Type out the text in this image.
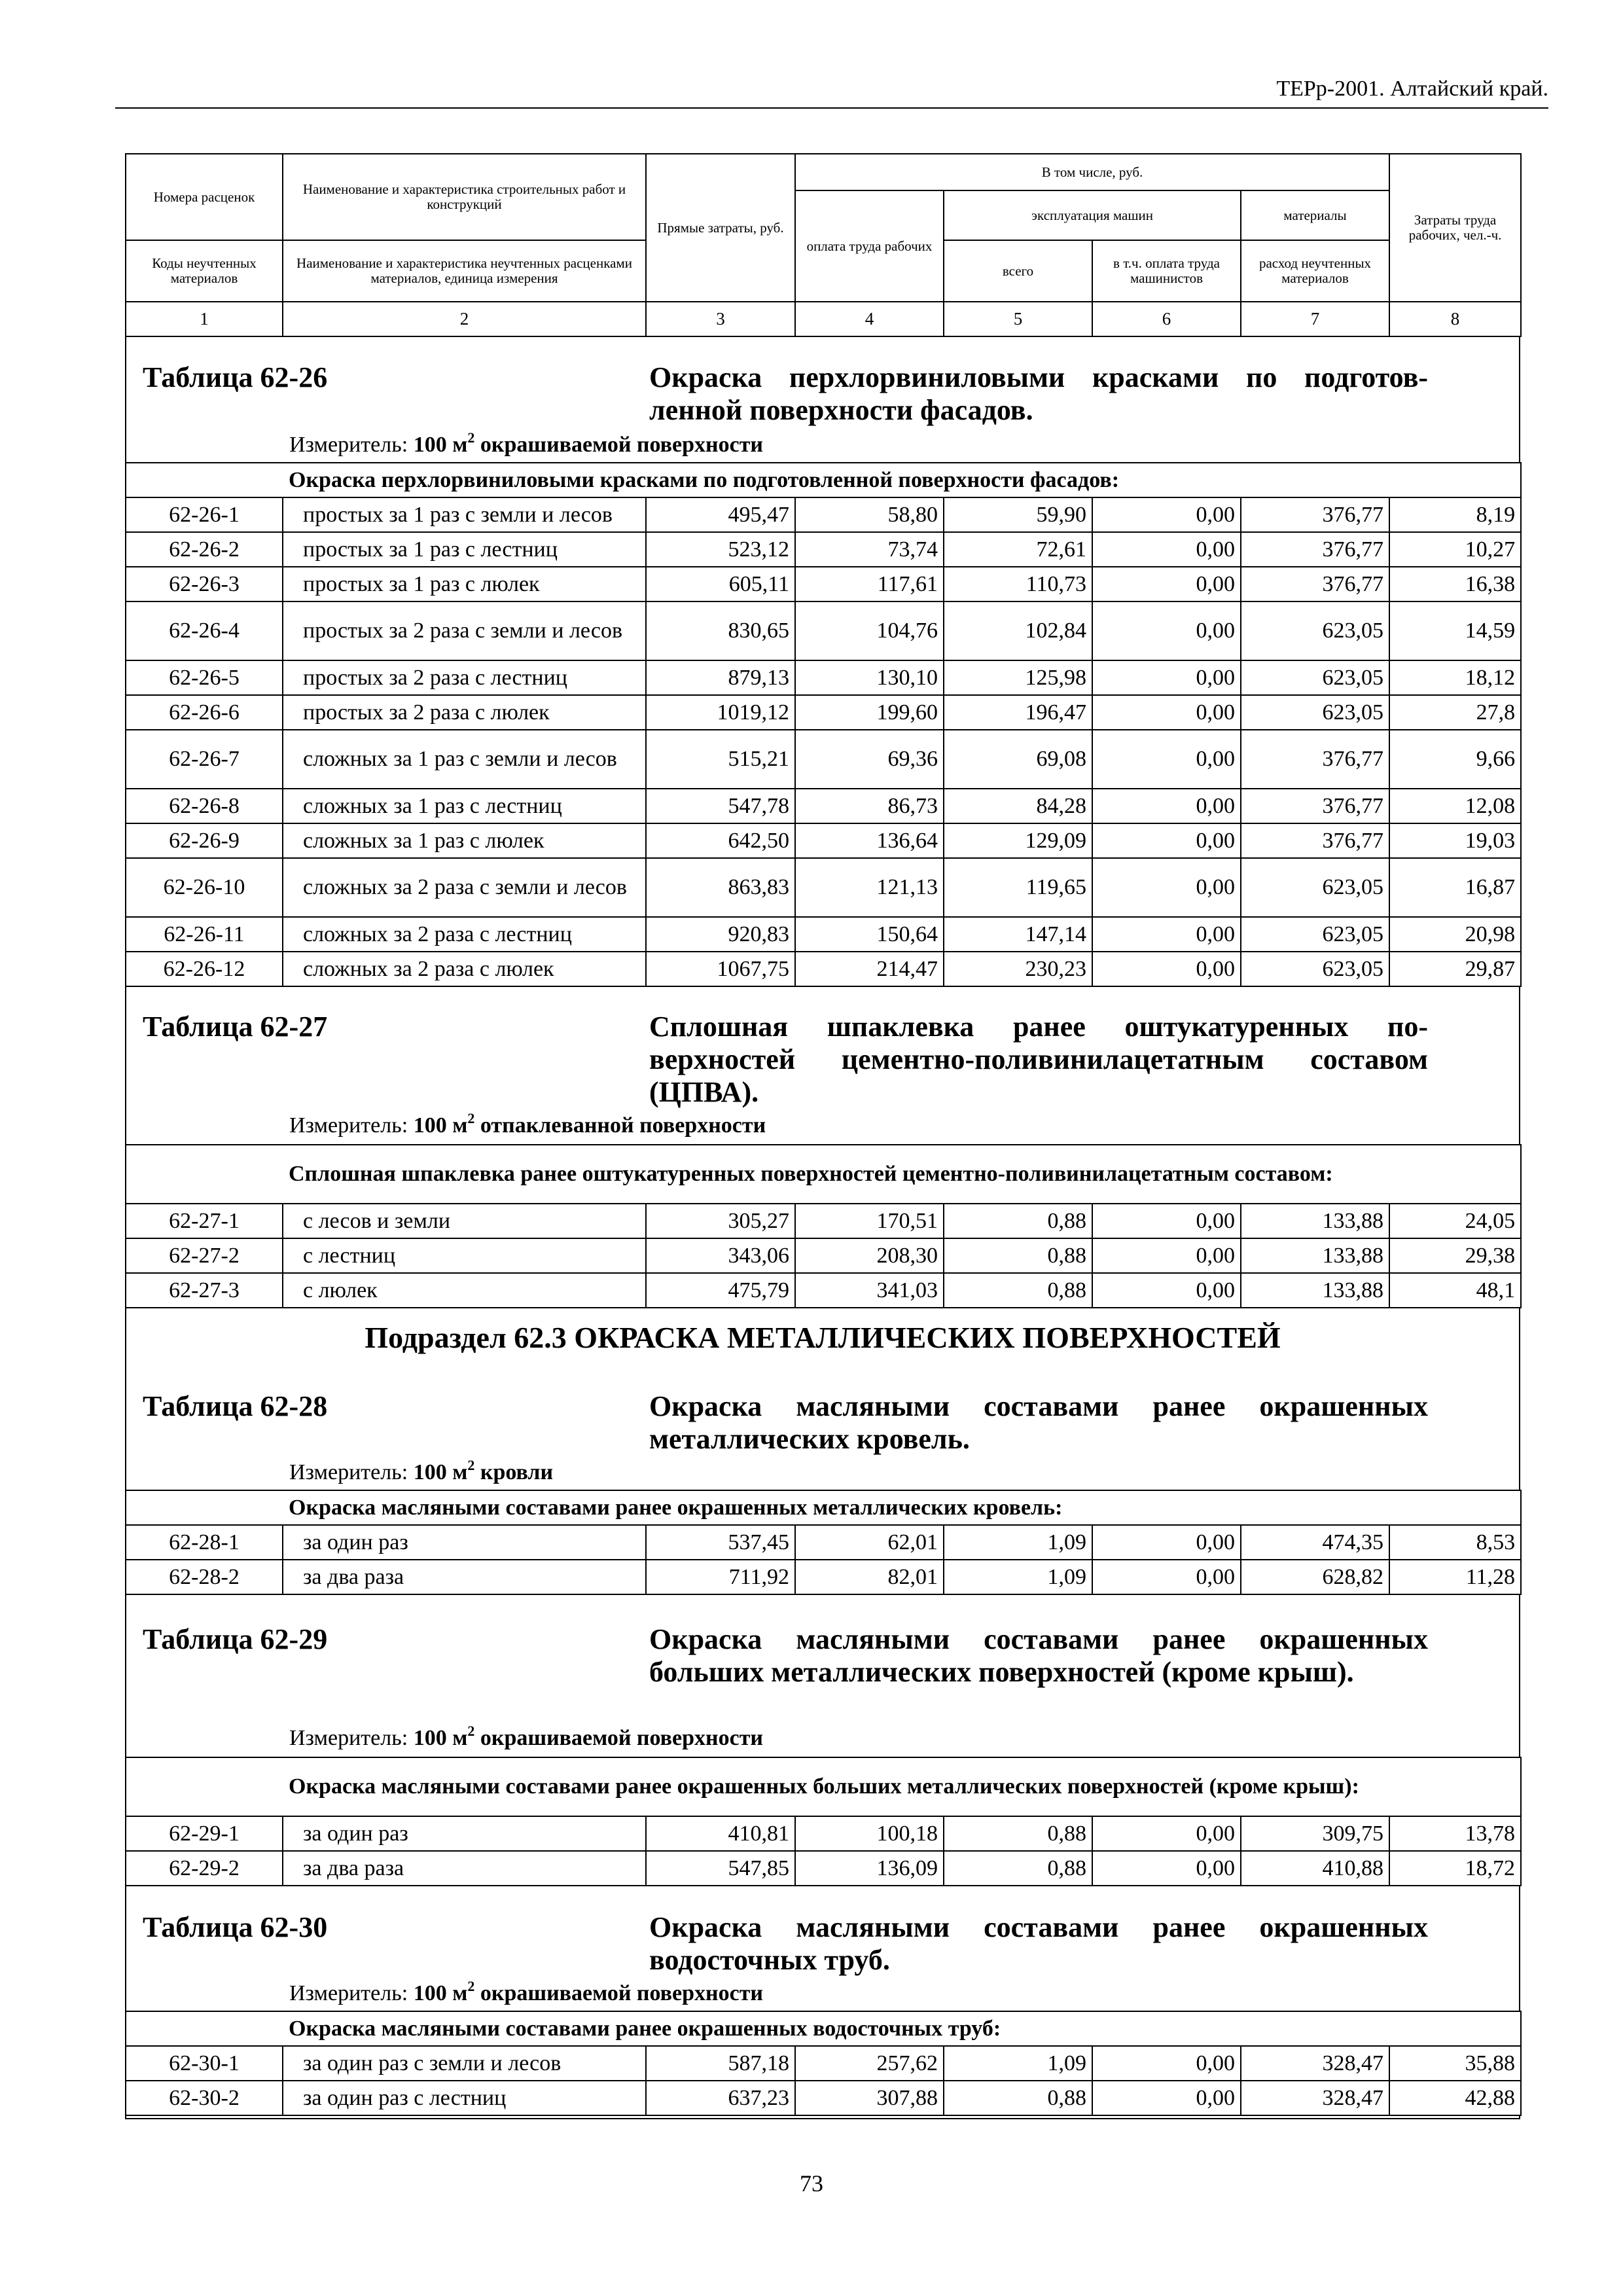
ТЕРр-2001. Алтайский край.
Номера расценок	Наименование и характеристика строительных работ и конструкций	Прямые затраты, руб.	В том числе, руб.				Затраты труда рабочих, чел.-ч.
			оплата труда рабочих	эксплуатация машин		материалы	
Коды неучтенных материалов	Наименование и характеристика неучтенных расценками материалов, единица измерения			всего	в т.ч. оплата труда машинистов	расход неучтенных материалов	
1	2	3	4	5	6	7	8
Таблица 62-26	Окраска перхлорвиниловыми красками по подготовленной поверхности фасадов.
Измеритель: 100 $м^2$ окрашиваемой поверхности
Окраска перхлорвиниловыми красками по подготовленной поверхности фасадов:							
62-26-1	простых за 1 раз с земли и лесов	495,47	58,80	59,90	0,00	376,77	8,19
62-26-2	простых за 1 раз с лестниц	523,12	73,74	72,61	0,00	376,77	10,27
62-26-3	простых за 1 раз с люлек	605,11	117,61	110,73	0,00	376,77	16,38
62-26-4	простых за 2 раза с земли и лесов	830,65	104,76	102,84	0,00	623,05	14,59
62-26-5	простых за 2 раза с лестниц	879,13	130,10	125,98	0,00	623,05	18,12
62-26-6	простых за 2 раза с люлек	1019,12	199,60	196,47	0,00	623,05	27,8
62-26-7	сложных за 1 раз с земли и лесов	515,21	69,36	69,08	0,00	376,77	9,66
62-26-8	сложных за 1 раз с лестниц	547,78	86,73	84,28	0,00	376,77	12,08
62-26-9	сложных за 1 раз с люлек	642,50	136,64	129,09	0,00	376,77	19,03
62-26-10	сложных за 2 раза с земли и лесов	863,83	121,13	119,65	0,00	623,05	16,87
62-26-11	сложных за 2 раза с лестниц	920,83	150,64	147,14	0,00	623,05	20,98
62-26-12	сложных за 2 раза с люлек	1067,75	214,47	230,23	0,00	623,05	29,87
Таблица 62-27	Сплошная шпаклевка ранее оштукатуренных поверхностей цементно-поливинилацетатным составом (ЦПВА).
Измеритель: 100 $м^2$ отпаклеванной поверхности
Сплошная шпаклевка ранее оштукатуренных поверхностей цементно-поливинилацетатным составом:							
62-27-1	с лесов и земли	305,27	170,51	0,88	0,00	133,88	24,05
62-27-2	с лестниц	343,06	208,30	0,88	0,00	133,88	29,38
62-27-3	с люлек	475,79	341,03	0,88	0,00	133,88	48,1
Подраздел 62.3 ОКРАСКА МЕТАЛЛИЧЕСКИХ ПОВЕРХНОСТЕЙ
Таблица 62-28	Окраска масляными составами ранее окрашенных металлических кровель.
Измеритель: 100 $м^2$ кровли
Окраска масляными составами ранее окрашенных металлических кровель:							
62-28-1	за один раз	537,45	62,01	1,09	0,00	474,35	8,53
62-28-2	за два раза	711,92	82,01	1,09	0,00	628,82	11,28
Таблица 62-29	Окраска масляными составами ранее окрашенных больших металлических поверхностей (кроме крыш).
Измеритель: 100 $м^2$ окрашиваемой поверхности
Окраска масляными составами ранее окрашенных больших металлических поверхностей (кроме крыш):							
62-29-1	за один раз	410,81	100,18	0,88	0,00	309,75	13,78
62-29-2	за два раза	547,85	136,09	0,88	0,00	410,88	18,72
Таблица 62-30	Окраска масляными составами ранее окрашенных водосточных труб.
Измеритель: 100 $м^2$ окрашиваемой поверхности
Окраска масляными составами ранее окрашенных водосточных труб:							
62-30-1	за один раз с земли и лесов	587,18	257,62	1,09	0,00	328,47	35,88
62-30-2	за один раз с лестниц	637,23	307,88	0,88	0,00	328,47	42,88
73
